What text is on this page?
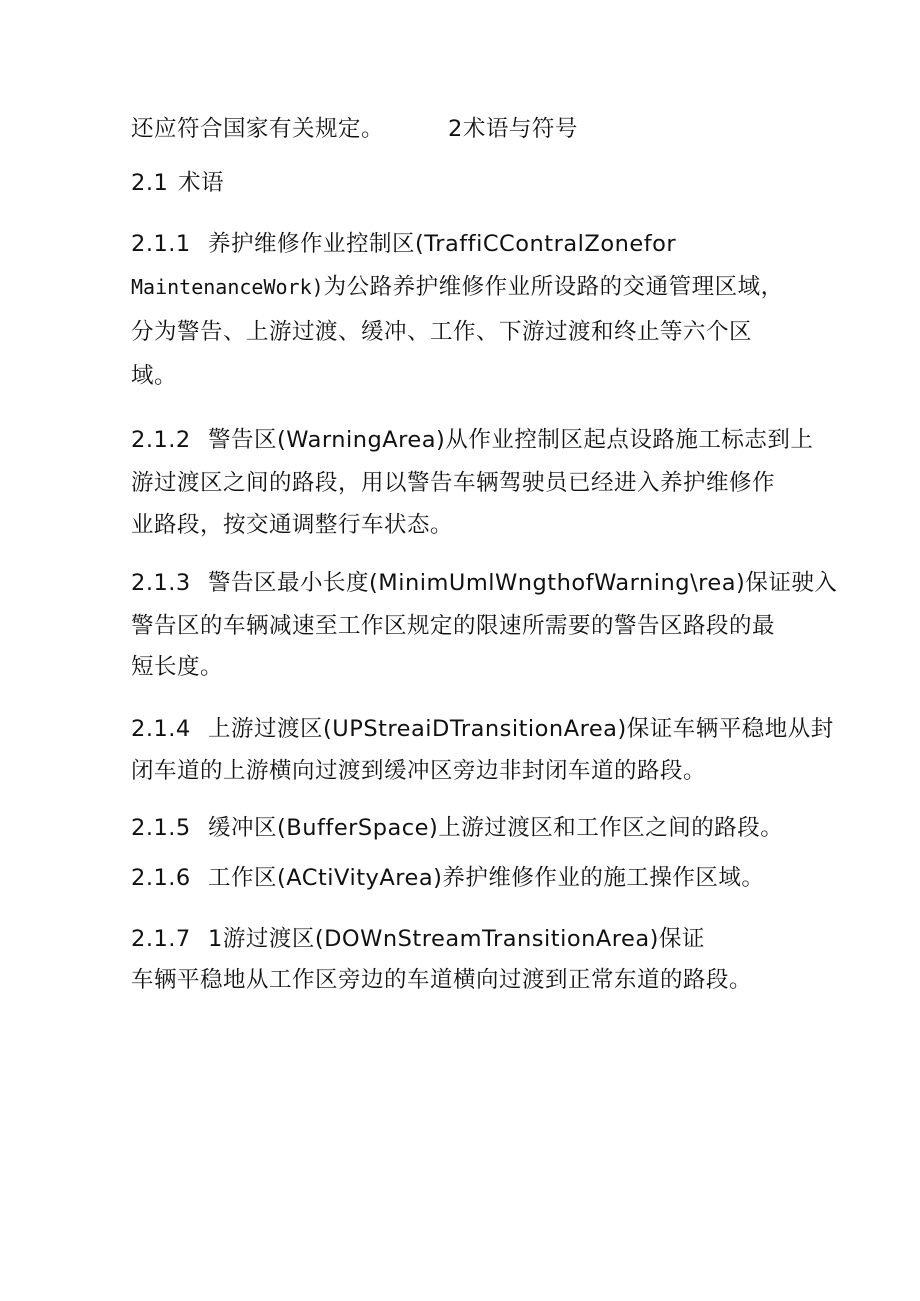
还应符合国家有关规定。	2术语与符号
2.1 术语
2.1.1 养护维修作业控制区(TraffiCContralZonefor
MaintenanceWork)为公路养护维修作业所设路的交通管理区域，
分为警告、上游过渡、缓冲、工作、下游过渡和终止等六个区
域。
2.1.2 警告区(WarningArea)从作业控制区起点设路施工标志到上
游过渡区之间的路段，用以警告车辆驾驶员已经进入养护维修作
业路段，按交通调整行车状态。
2.1.3 警告区最小长度(MinimUmlWngthofWarning\rea)保证驶入
警告区的车辆减速至工作区规定的限速所需要的警告区路段的最
短长度。
2.1.4 上游过渡区(UPStreaiDTransitionArea)保证车辆平稳地从封
闭车道的上游横向过渡到缓冲区旁边非封闭车道的路段。
2.1.5 缓冲区(BufferSpace)上游过渡区和工作区之间的路段。
2.1.6 工作区(ACtiVityArea)养护维修作业的施工操作区域。
2.1.7 1游过渡区(DOWnStreamTransitionArea)保证
车辆平稳地从工作区旁边的车道横向过渡到正常东道的路段。
